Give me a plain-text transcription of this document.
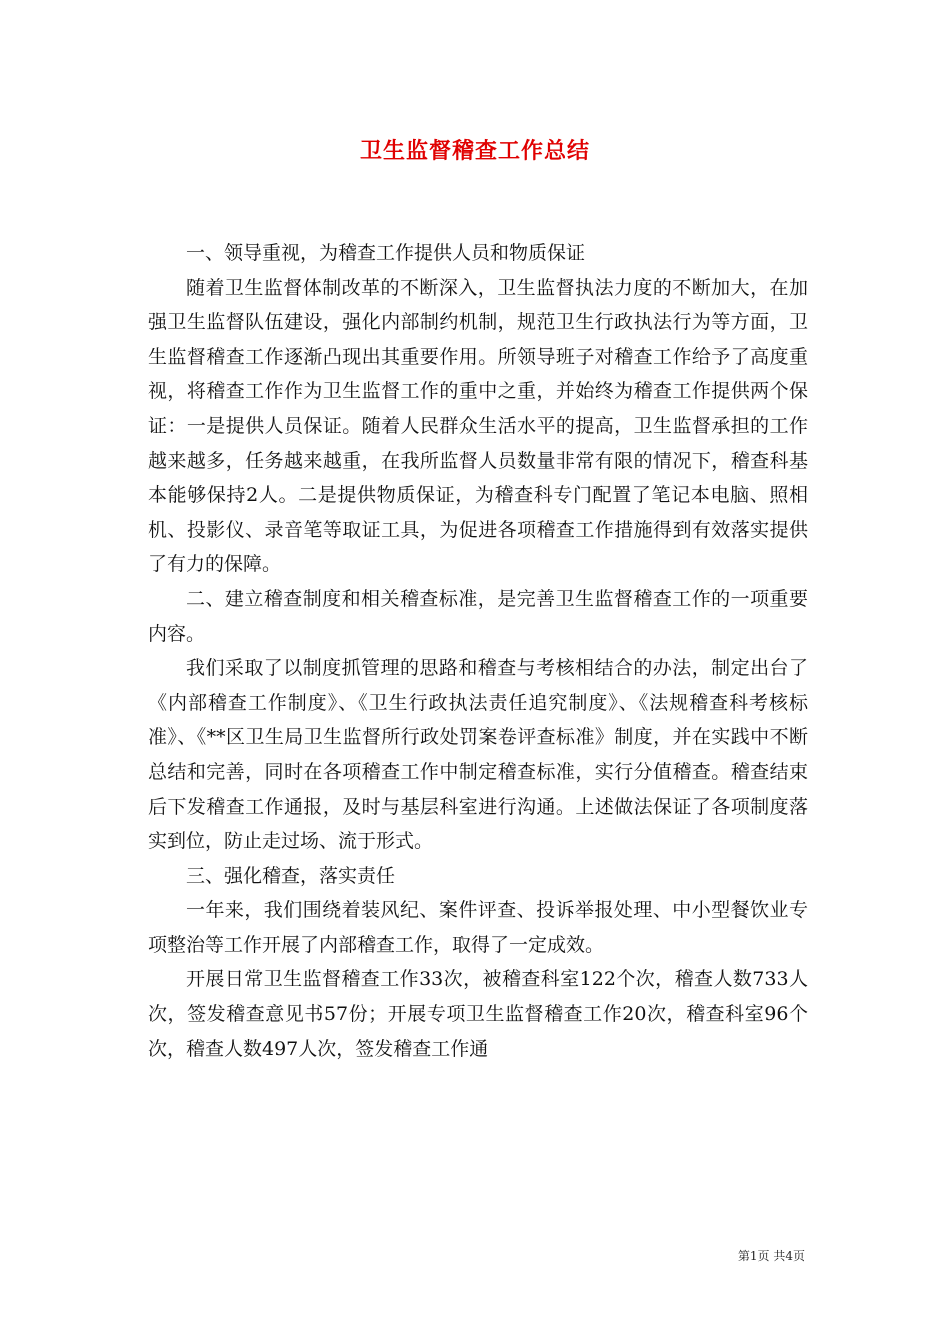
卫生监督稽查工作总结

一、领导重视，为稽查工作提供人员和物质保证

随着卫生监督体制改革的不断深入，卫生监督执法力度的不断加大，在加强卫生监督队伍建设，强化内部制约机制，规范卫生行政执法行为等方面，卫生监督稽查工作逐渐凸现出其重要作用。所领导班子对稽查工作给予了高度重视，将稽查工作作为卫生监督工作的重中之重，并始终为稽查工作提供两个保证：一是提供人员保证。随着人民群众生活水平的提高，卫生监督承担的工作越来越多，任务越来越重，在我所监督人员数量非常有限的情况下，稽查科基本能够保持2人。二是提供物质保证，为稽查科专门配置了笔记本电脑、照相机、投影仪、录音笔等取证工具，为促进各项稽查工作措施得到有效落实提供了有力的保障。

二、建立稽查制度和相关稽查标准，是完善卫生监督稽查工作的一项重要内容。

我们采取了以制度抓管理的思路和稽查与考核相结合的办法，制定出台了《内部稽查工作制度》、《卫生行政执法责任追究制度》、《法规稽查科考核标准》、《**区卫生局卫生监督所行政处罚案卷评查标准》制度，并在实践中不断总结和完善，同时在各项稽查工作中制定稽查标准，实行分值稽查。稽查结束后下发稽查工作通报，及时与基层科室进行沟通。上述做法保证了各项制度落实到位，防止走过场、流于形式。

三、强化稽查，落实责任

一年来，我们围绕着装风纪、案件评查、投诉举报处理、中小型餐饮业专项整治等工作开展了内部稽查工作，取得了一定成效。

开展日常卫生监督稽查工作33次，被稽查科室122个次，稽查人数733人次，签发稽查意见书57份；开展专项卫生监督稽查工作20次，稽查科室96个次，稽查人数497人次，签发稽查工作通

第1页 共4页
